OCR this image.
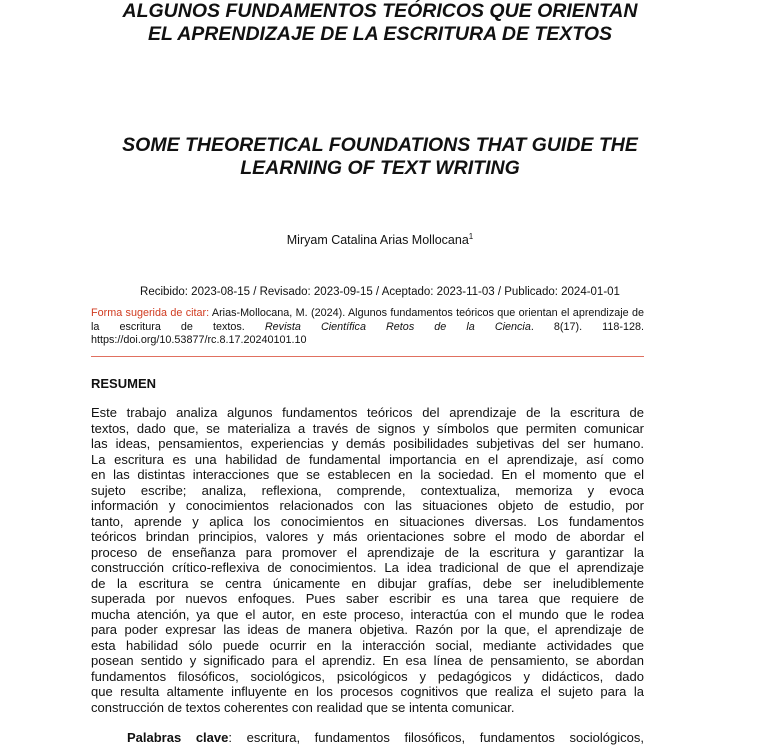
ALGUNOS FUNDAMENTOS TEÓRICOS QUE ORIENTAN
EL APRENDIZAJE DE LA ESCRITURA DE TEXTOS
SOME THEORETICAL FOUNDATIONS THAT GUIDE THE
LEARNING OF TEXT WRITING
Miryam Catalina Arias Mollocana$^1$
Recibido: 2023-08-15 / Revisado: 2023-09-15 / Aceptado: 2023-11-03 / Publicado: 2024-01-01
Forma sugerida de citar: Arias-Mollocana, M. (2024). Algunos fundamentos teóricos que orientan el aprendizaje de la escritura de textos. Revista Científica Retos de la Ciencia. 8(17). 118-128. https://doi.org/10.53877/rc.8.17.20240101.10
RESUMEN

Este trabajo analiza algunos fundamentos teóricos del aprendizaje de la escritura de
textos, dado que, se materializa a través de signos y símbolos que permiten comunicar
las ideas, pensamientos, experiencias y demás posibilidades subjetivas del ser humano.
La escritura es una habilidad de fundamental importancia en el aprendizaje, así como
en las distintas interacciones que se establecen en la sociedad. En el momento que el
sujeto escribe; analiza, reflexiona, comprende, contextualiza, memoriza y evoca
información y conocimientos relacionados con las situaciones objeto de estudio, por
tanto, aprende y aplica los conocimientos en situaciones diversas. Los fundamentos
teóricos brindan principios, valores y más orientaciones sobre el modo de abordar el
proceso de enseñanza para promover el aprendizaje de la escritura y garantizar la
construcción crítico-reflexiva de conocimientos. La idea tradicional de que el aprendizaje
de la escritura se centra únicamente en dibujar grafías, debe ser ineludiblemente
superada por nuevos enfoques. Pues saber escribir es una tarea que requiere de
mucha atención, ya que el autor, en este proceso, interactúa con el mundo que le rodea
para poder expresar las ideas de manera objetiva. Razón por la que, el aprendizaje de
esta habilidad sólo puede ocurrir en la interacción social, mediante actividades que
posean sentido y significado para el aprendiz. En esa línea de pensamiento, se abordan
fundamentos filosóficos, sociológicos, psicológicos y pedagógicos y didácticos, dado
que resulta altamente influyente en los procesos cognitivos que realiza el sujeto para la
construcción de textos coherentes con realidad que se intenta comunicar.

Palabras clave: escritura, fundamentos filosóficos, fundamentos sociológicos,
